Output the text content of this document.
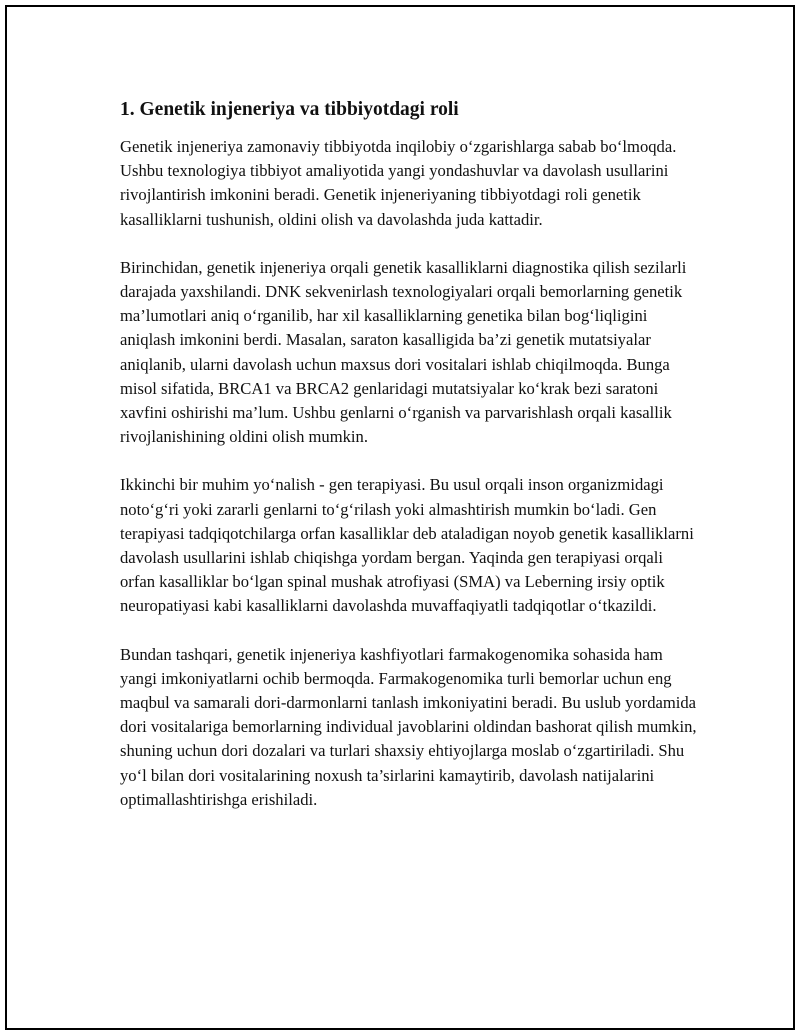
1. Genetik injeneriya va tibbiyotdagi roli

Genetik injeneriya zamonaviy tibbiyotda inqilobiy o‘zgarishlarga sabab bo‘lmoqda. Ushbu texnologiya tibbiyot amaliyotida yangi yondashuvlar va davolash usullarini rivojlantirish imkonini beradi. Genetik injeneriyaning tibbiyotdagi roli genetik kasalliklarni tushunish, oldini olish va davolashda juda kattadir.

Birinchidan, genetik injeneriya orqali genetik kasalliklarni diagnostika qilish sezilarli darajada yaxshilandi. DNK sekvenirlash texnologiyalari orqali bemorlarning genetik ma’lumotlari aniq o‘rganilib, har xil kasalliklarning genetika bilan bog‘liqligini aniqlash imkonini berdi. Masalan, saraton kasalligida ba’zi genetik mutatsiyalar aniqlanib, ularni davolash uchun maxsus dori vositalari ishlab chiqilmoqda. Bunga misol sifatida, BRCA1 va BRCA2 genlaridagi mutatsiyalar ko‘krak bezi saratoni xavfini oshirishi ma’lum. Ushbu genlarni o‘rganish va parvarishlash orqali kasallik rivojlanishining oldini olish mumkin.

Ikkinchi bir muhim yo‘nalish - gen terapiyasi. Bu usul orqali inson organizmidagi noto‘g‘ri yoki zararli genlarni to‘g‘rilash yoki almashtirish mumkin bo‘ladi. Gen terapiyasi tadqiqotchilarga orfan kasalliklar deb ataladigan noyob genetik kasalliklarni davolash usullarini ishlab chiqishga yordam bergan. Yaqinda gen terapiyasi orqali orfan kasalliklar bo‘lgan spinal mushak atrofiyasi (SMA) va Leberning irsiy optik neuropatiyasi kabi kasalliklarni davolashda muvaffaqiyatli tadqiqotlar o‘tkazildi.

Bundan tashqari, genetik injeneriya kashfiyotlari farmakogenomika sohasida ham yangi imkoniyatlarni ochib bermoqda. Farmakogenomika turli bemorlar uchun eng maqbul va samarali dori-darmonlarni tanlash imkoniyatini beradi. Bu uslub yordamida dori vositalariga bemorlarning individual javoblarini oldindan bashorat qilish mumkin, shuning uchun dori dozalari va turlari shaxsiy ehtiyojlarga moslab o‘zgartiriladi. Shu yo‘l bilan dori vositalarining noxush ta’sirlarini kamaytirib, davolash natijalarini optimallashtirishga erishiladi.
